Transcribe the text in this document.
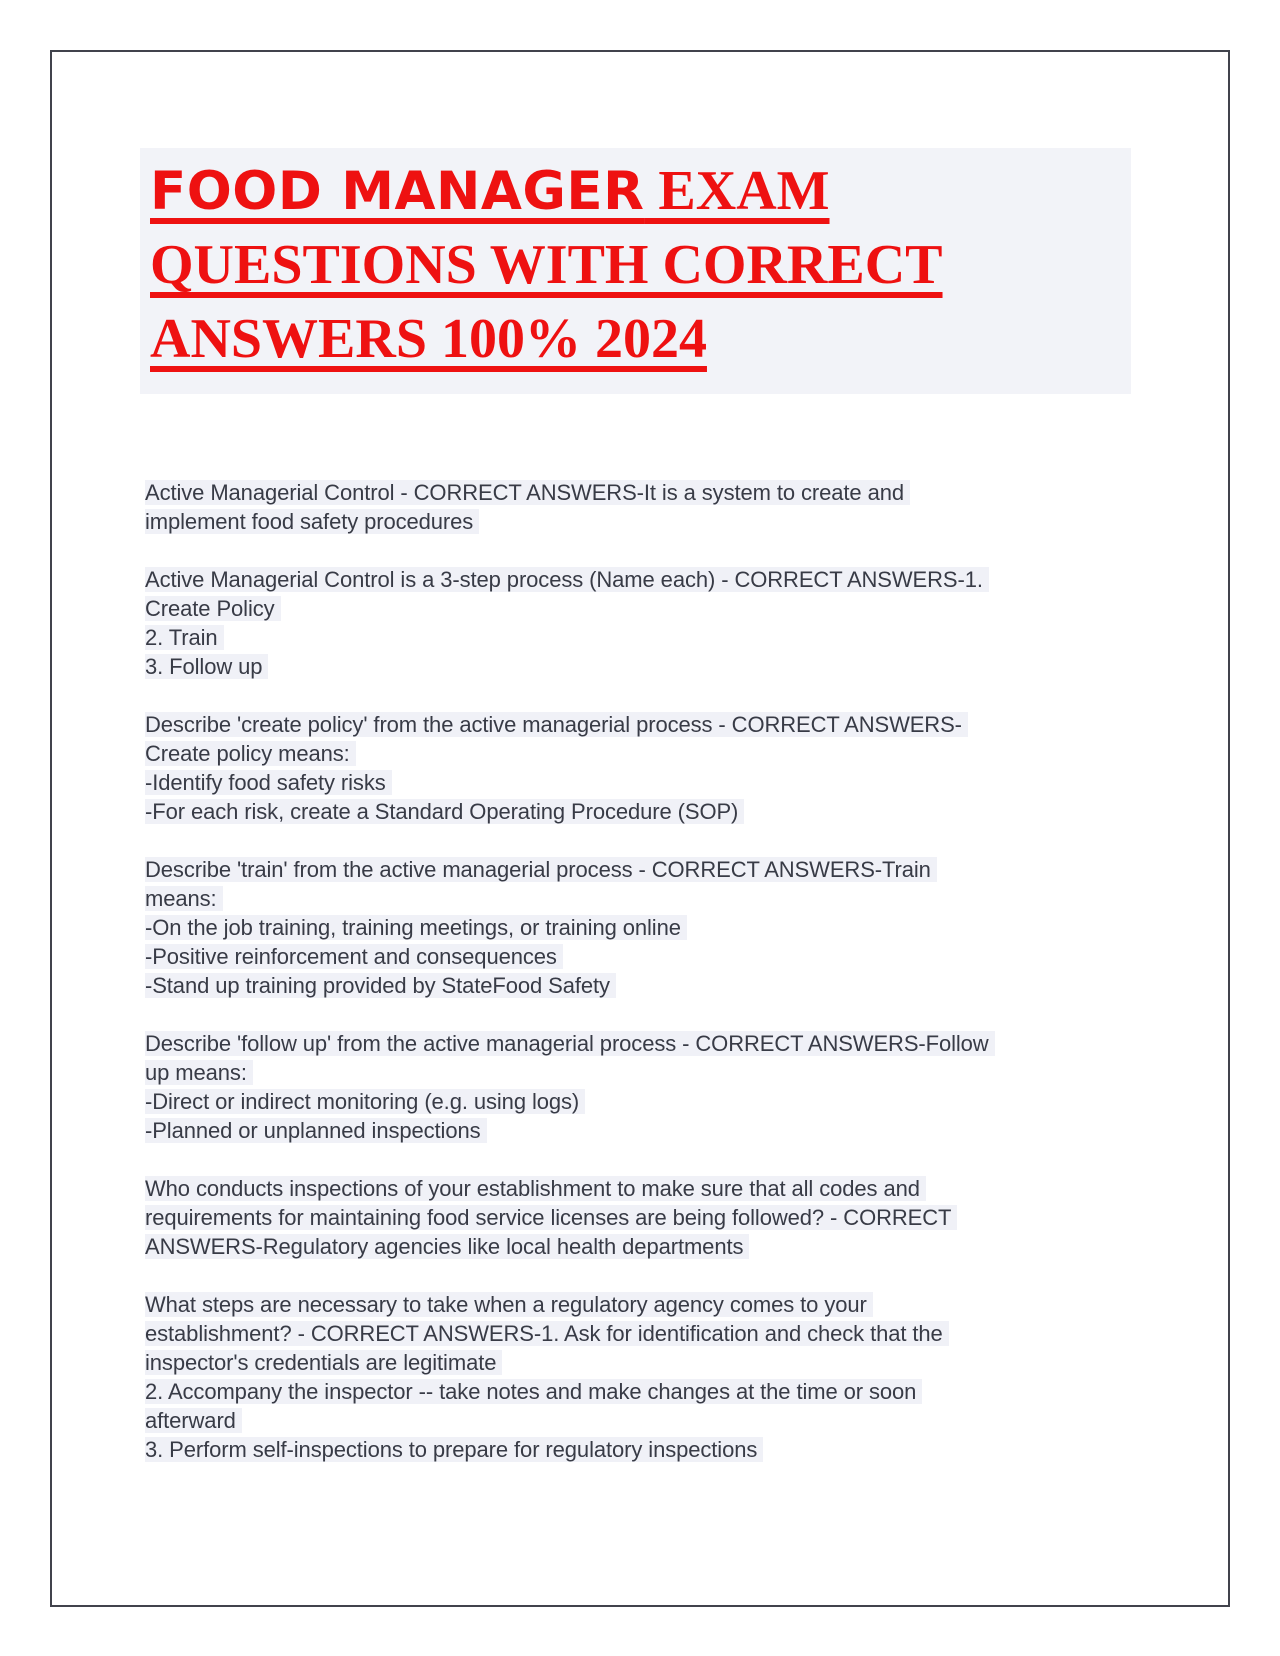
FOOD MANAGER EXAM
QUESTIONS WITH CORRECT
ANSWERS 100% 2024

Active Managerial Control - CORRECT ANSWERS-It is a system to create and
implement food safety procedures

Active Managerial Control is a 3-step process (Name each) - CORRECT ANSWERS-1.
Create Policy
2. Train
3. Follow up

Describe 'create policy' from the active managerial process - CORRECT ANSWERS-
Create policy means:
-Identify food safety risks
-For each risk, create a Standard Operating Procedure (SOP)

Describe 'train' from the active managerial process - CORRECT ANSWERS-Train
means:
-On the job training, training meetings, or training online
-Positive reinforcement and consequences
-Stand up training provided by StateFood Safety

Describe 'follow up' from the active managerial process - CORRECT ANSWERS-Follow
up means:
-Direct or indirect monitoring (e.g. using logs)
-Planned or unplanned inspections

Who conducts inspections of your establishment to make sure that all codes and
requirements for maintaining food service licenses are being followed? - CORRECT
ANSWERS-Regulatory agencies like local health departments

What steps are necessary to take when a regulatory agency comes to your
establishment? - CORRECT ANSWERS-1. Ask for identification and check that the
inspector's credentials are legitimate
2. Accompany the inspector -- take notes and make changes at the time or soon
afterward
3. Perform self-inspections to prepare for regulatory inspections
